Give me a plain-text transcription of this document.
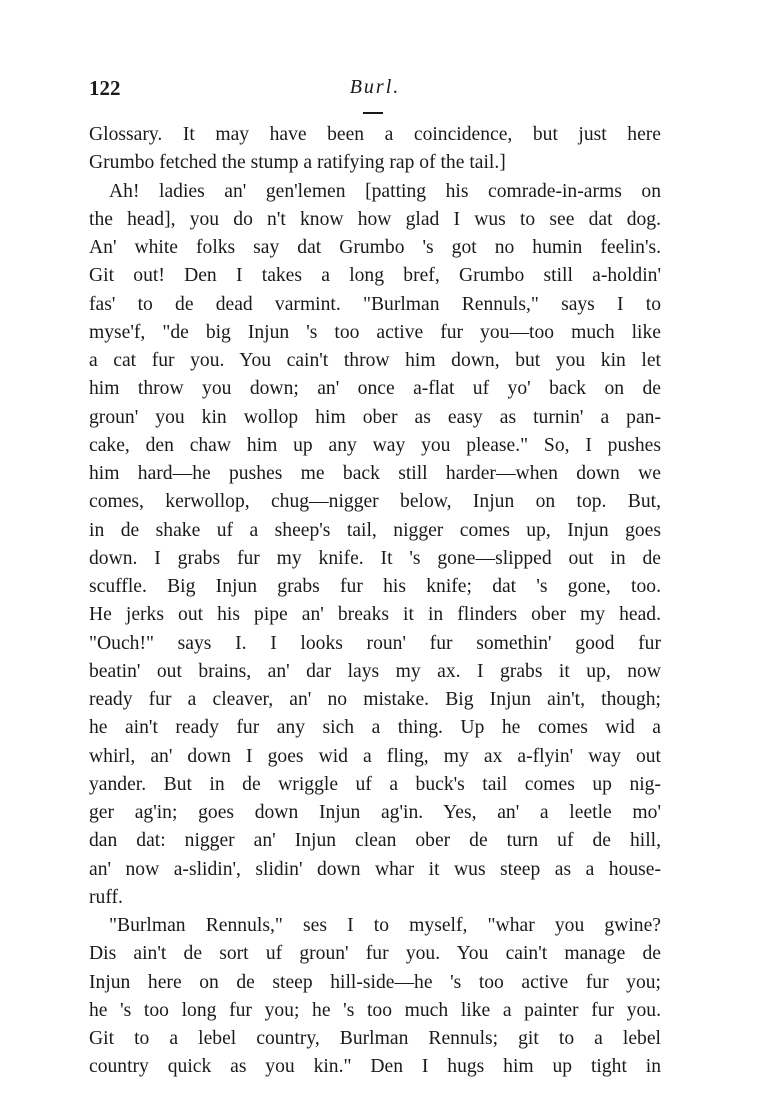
122	Burl.

Glossary. It may have been a coincidence, but just here
Grumbo fetched the stump a ratifying rap of the tail.]

Ah! ladies an' gen'lemen [patting his comrade-in-arms on
the head], you do n't know how glad I wus to see dat dog.
An' white folks say dat Grumbo 's got no humin feelin's.
Git out! Den I takes a long bref, Grumbo still a-holdin'
fas' to de dead varmint. "Burlman Rennuls," says I to
myse'f, "de big Injun 's too active fur you—too much like
a cat fur you. You cain't throw him down, but you kin let
him throw you down; an' once a-flat uf yo' back on de
groun' you kin wollop him ober as easy as turnin' a pan-
cake, den chaw him up any way you please." So, I pushes
him hard—he pushes me back still harder—when down we
comes, kerwollop, chug—nigger below, Injun on top. But,
in de shake uf a sheep's tail, nigger comes up, Injun goes
down. I grabs fur my knife. It 's gone—slipped out in de
scuffle. Big Injun grabs fur his knife; dat 's gone, too.
He jerks out his pipe an' breaks it in flinders ober my head.
"Ouch!" says I. I looks roun' fur somethin' good fur
beatin' out brains, an' dar lays my ax. I grabs it up, now
ready fur a cleaver, an' no mistake. Big Injun ain't, though;
he ain't ready fur any sich a thing. Up he comes wid a
whirl, an' down I goes wid a fling, my ax a-flyin' way out
yander. But in de wriggle uf a buck's tail comes up nig-
ger ag'in; goes down Injun ag'in. Yes, an' a leetle mo'
dan dat: nigger an' Injun clean ober de turn uf de hill,
an' now a-slidin', slidin' down whar it wus steep as a house-
ruff.

"Burlman Rennuls," ses I to myself, "whar you gwine?
Dis ain't de sort uf groun' fur you. You cain't manage de
Injun here on de steep hill-side—he 's too active fur you;
he 's too long fur you; he 's too much like a painter fur you.
Git to a lebel country, Burlman Rennuls; git to a lebel
country quick as you kin." Den I hugs him up tight in
